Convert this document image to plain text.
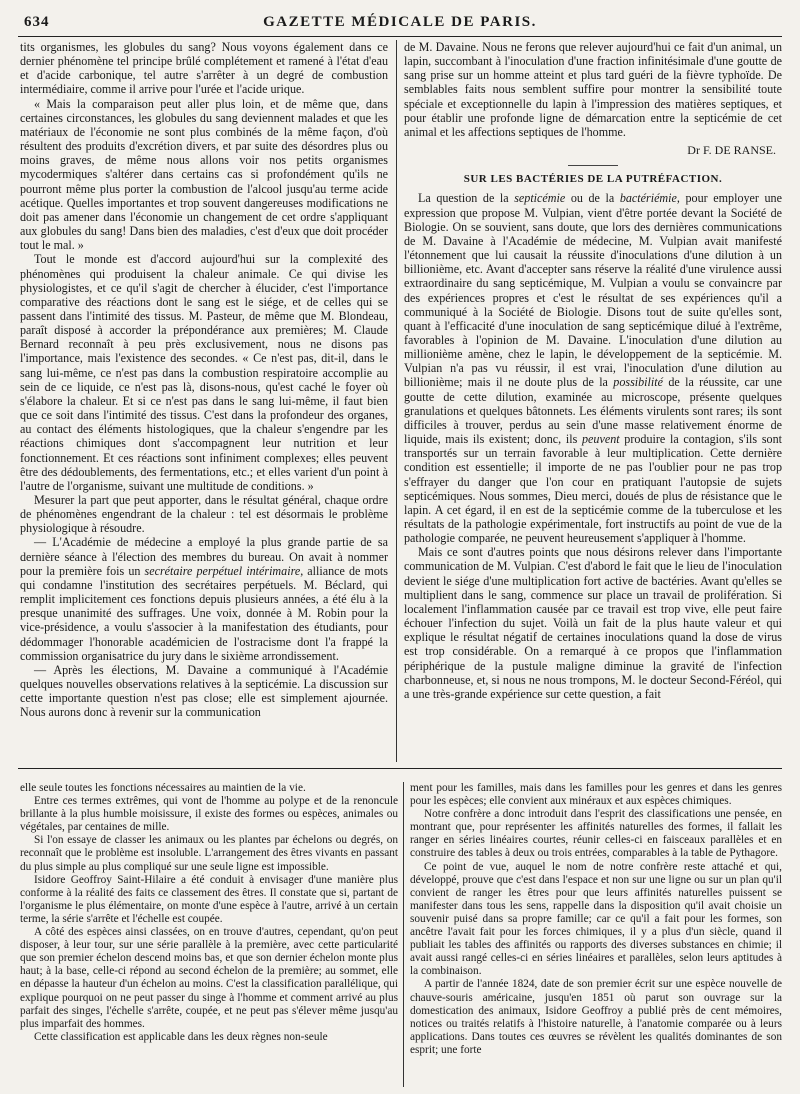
634	GAZETTE MÉDICALE DE PARIS.

tits organismes, les globules du sang? Nous voyons également dans ce dernier phénomène tel principe brûlé complétement et ramené à l'état d'eau et d'acide carbonique, tel autre s'arrêter à un degré de combustion intermédiaire, comme il arrive pour l'urée et l'acide urique.

« Mais la comparaison peut aller plus loin, et de même que, dans certaines circonstances, les globules du sang deviennent malades et que les matériaux de l'économie ne sont plus combinés de la même façon, d'où résultent des produits d'excrétion divers, et par suite des désordres plus ou moins graves, de même nous allons voir nos petits organismes mycodermiques s'altérer dans certains cas si profondément qu'ils ne pourront même plus porter la combustion de l'alcool jusqu'au terme acide acétique. Quelles importantes et trop souvent dangereuses modifications ne doit pas amener dans l'économie un changement de cet ordre s'appliquant aux globules du sang! Dans bien des maladies, c'est d'eux que doit procéder tout le mal. »

Tout le monde est d'accord aujourd'hui sur la complexité des phénomènes qui produisent la chaleur animale. Ce qui divise les physiologistes, et ce qu'il s'agit de chercher à élucider, c'est l'importance comparative des réactions dont le sang est le siége, et de celles qui se passent dans l'intimité des tissus. M. Pasteur, de même que M. Blondeau, paraît disposé à accorder la prépondérance aux premières; M. Claude Bernard reconnaît à peu près exclusivement, nous ne disons pas l'importance, mais l'existence des secondes. « Ce n'est pas, dit-il, dans le sang lui-même, ce n'est pas dans la combustion respiratoire accomplie au sein de ce liquide, ce n'est pas là, disons-nous, qu'est caché le foyer où s'élabore la chaleur. Et si ce n'est pas dans le sang lui-même, il faut bien que ce soit dans l'intimité des tissus. C'est dans la profondeur des organes, au contact des éléments histologiques, que la chaleur s'engendre par les réactions chimiques dont s'accompagnent leur nutrition et leur fonctionnement. Et ces réactions sont infiniment complexes; elles peuvent être des dédoublements, des fermentations, etc.; et elles varient d'un point à l'autre de l'organisme, suivant une multitude de conditions. »

Mesurer la part que peut apporter, dans le résultat général, chaque ordre de phénomènes engendrant de la chaleur : tel est désormais le problème physiologique à résoudre.

— L'Académie de médecine a employé la plus grande partie de sa dernière séance à l'élection des membres du bureau. On avait à nommer pour la première fois un secrétaire perpétuel intérimaire, alliance de mots qui condamne l'institution des secrétaires perpétuels. M. Béclard, qui remplit implicitement ces fonctions depuis plusieurs années, a été élu à la presque unanimité des suffrages. Une voix, donnée à M. Robin pour la vice-présidence, a voulu s'associer à la manifestation des étudiants, pour dédommager l'honorable académicien de l'ostracisme dont l'a frappé la commission organisatrice du jury dans le sixième arrondissement.

— Après les élections, M. Davaine a communiqué à l'Académie quelques nouvelles observations relatives à la septicémie. La discussion sur cette importante question n'est pas close; elle est simplement ajournée. Nous aurons donc à revenir sur la communication

de M. Davaine. Nous ne ferons que relever aujourd'hui ce fait d'un animal, un lapin, succombant à l'inoculation d'une fraction infinitésimale d'une goutte de sang prise sur un homme atteint et plus tard guéri de la fièvre typhoïde. De semblables faits nous semblent suffire pour montrer la sensibilité toute spéciale et exceptionnelle du lapin à l'impression des matières septiques, et pour établir une profonde ligne de démarcation entre la septicémie de cet animal et les affections septiques de l'homme.

Dr F. DE RANSE.
SUR LES BACTÉRIES DE LA PUTRÉFACTION.

La question de la septicémie ou de la bactériémie, pour employer une expression que propose M. Vulpian, vient d'être portée devant la Société de Biologie. On se souvient, sans doute, que lors des dernières communications de M. Davaine à l'Académie de médecine, M. Vulpian avait manifesté l'étonnement que lui causait la réussite d'inoculations d'une dilution à un billionième, etc. Avant d'accepter sans réserve la réalité d'une virulence aussi extraordinaire du sang septicémique, M. Vulpian a voulu se convaincre par des expériences propres et c'est le résultat de ses expériences qu'il a communiqué à la Société de Biologie. Disons tout de suite qu'elles sont, quant à l'efficacité d'une inoculation de sang septicémique dilué à l'extrême, favorables à l'opinion de M. Davaine. L'inoculation d'une dilution au millionième amène, chez le lapin, le développement de la septicémie. M. Vulpian n'a pas vu réussir, il est vrai, l'inoculation d'une dilution au billionième; mais il ne doute plus de la possibilité de la réussite, car une goutte de cette dilution, examinée au microscope, présente quelques granulations et quelques bâtonnets. Les éléments virulents sont rares; ils sont difficiles à trouver, perdus au sein d'une masse relativement énorme de liquide, mais ils existent; donc, ils peuvent produire la contagion, s'ils sont transportés sur un terrain favorable à leur multiplication. Cette dernière condition est essentielle; il importe de ne pas l'oublier pour ne pas trop s'effrayer du danger que l'on cour en pratiquant l'autopsie de sujets septicémiques. Nous sommes, Dieu merci, doués de plus de résistance que le lapin. A cet égard, il en est de la septicémie comme de la tuberculose et les résultats de la pathologie expérimentale, fort instructifs au point de vue de la pathologie comparée, ne peuvent heureusement s'appliquer à l'homme.

Mais ce sont d'autres points que nous désirons relever dans l'importante communication de M. Vulpian. C'est d'abord le fait que le lieu de l'inoculation devient le siége d'une multiplication fort active de bactéries. Avant qu'elles se multiplient dans le sang, commence sur place un travail de prolifération. Si localement l'inflammation causée par ce travail est trop vive, elle peut faire échouer l'infection du sujet. Voilà un fait de la plus haute valeur et qui explique le résultat négatif de certaines inoculations quand la dose de virus est trop considérable. On a remarqué à ce propos que l'inflammation périphérique de la pustule maligne diminue la gravité de l'infection charbonneuse, et, si nous ne nous trompons, M. le docteur Second-Féréol, qui a une très-grande expérience sur cette question, a fait

elle seule toutes les fonctions nécessaires au maintien de la vie.

Entre ces termes extrêmes, qui vont de l'homme au polype et de la renoncule brillante à la plus humble moisissure, il existe des formes ou espèces, animales ou végétales, par centaines de mille.

Si l'on essaye de classer les animaux ou les plantes par échelons ou degrés, on reconnaît que le problème est insoluble. L'arrangement des êtres vivants en passant du plus simple au plus compliqué sur une seule ligne est impossible.

Isidore Geoffroy Saint-Hilaire a été conduit à envisager d'une manière plus conforme à la réalité des faits ce classement des êtres. Il constate que si, partant de l'organisme le plus élémentaire, on monte d'une espèce à l'autre, arrivé à un certain terme, la série s'arrête et l'échelle est coupée.

A côté des espèces ainsi classées, on en trouve d'autres, cependant, qu'on peut disposer, à leur tour, sur une série parallèle à la première, avec cette particularité que son premier échelon descend moins bas, et que son dernier échelon monte plus haut; à la base, celle-ci répond au second échelon de la première; au sommet, elle en dépasse la hauteur d'un échelon au moins. C'est la classification parallélique, qui explique pourquoi on ne peut passer du singe à l'homme et comment arrivé au plus parfait des singes, l'échelle s'arrête, coupée, et ne peut pas s'élever même jusqu'au plus imparfait des hommes.

Cette classification est applicable dans les deux règnes non-seule

ment pour les familles, mais dans les familles pour les genres et dans les genres pour les espèces; elle convient aux minéraux et aux espèces chimiques.

Notre confrère a donc introduit dans l'esprit des classifications une pensée, en montrant que, pour représenter les affinités naturelles des formes, il fallait les ranger en séries linéaires courtes, réunir celles-ci en faisceaux parallèles et en construire des tables à deux ou trois entrées, comparables à la table de Pythagore.

Ce point de vue, auquel le nom de notre confrère reste attaché et qui, développé, prouve que c'est dans l'espace et non sur une ligne ou sur un plan qu'il convient de ranger les êtres pour que leurs affinités naturelles puissent se manifester dans tous les sens, rappelle dans la disposition qu'il avait choisie un souvenir puisé dans sa propre famille; car ce qu'il a fait pour les formes, son ancêtre l'avait fait pour les forces chimiques, il y a plus d'un siècle, quand il publiait les tables des affinités ou rapports des diverses substances en chimie; il avait aussi rangé celles-ci en séries linéaires et parallèles, selon leurs aptitudes à la combinaison.

A partir de l'année 1824, date de son premier écrit sur une espèce nouvelle de chauve-souris américaine, jusqu'en 1851 où parut son ouvrage sur la domestication des animaux, Isidore Geoffroy a publié près de cent mémoires, notices ou traités relatifs à l'histoire naturelle, à l'anatomie comparée ou à leurs applications. Dans toutes ces œuvres se révèlent les qualités dominantes de son esprit; une forte
